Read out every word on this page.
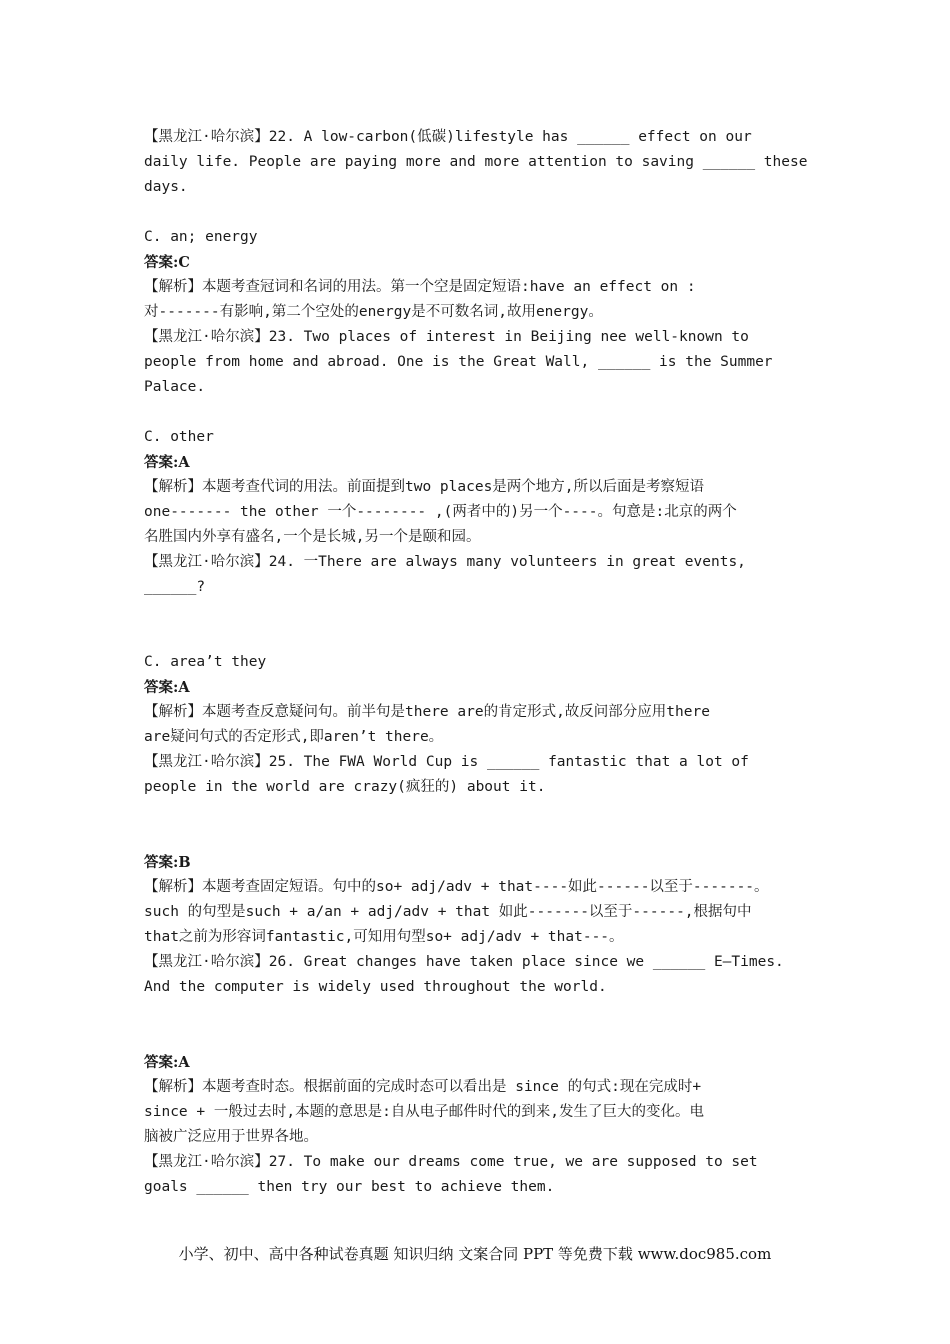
【黑龙江·哈尔滨】22. A low-carbon(低碳)lifestyle has ______ effect on our
daily life. People are paying more and more attention to saving ______ these
days.

C. an; energy
答案:C
【解析】本题考查冠词和名词的用法。第一个空是固定短语:have an effect on :
对-------有影响,第二个空处的energy是不可数名词,故用energy。
【黑龙江·哈尔滨】23. Two places of interest in Beijing nee well-known to
people from home and abroad. One is the Great Wall, ______ is the Summer
Palace.

C. other
答案:A
【解析】本题考查代词的用法。前面提到two places是两个地方,所以后面是考察短语
one------- the other 一个-------- ,(两者中的)另一个----。句意是:北京的两个
名胜国内外享有盛名,一个是长城,另一个是颐和园。
【黑龙江·哈尔滨】24. 一There are always many volunteers in great events,
______?

C. area’t they
答案:A
【解析】本题考查反意疑问句。前半句是there are的肯定形式,故反问部分应用there
are疑问句式的否定形式,即aren’t there。
【黑龙江·哈尔滨】25. The FWA World Cup is ______ fantastic that a lot of
people in the world are crazy(疯狂的) about it.

答案:B
【解析】本题考查固定短语。句中的so+ adj/adv + that----如此------以至于-------。
such 的句型是such + a/an + adj/adv + that 如此-------以至于------,根据句中
that之前为形容词fantastic,可知用句型so+ adj/adv + that---。
【黑龙江·哈尔滨】26. Great changes have taken place since we ______ E—Times.
And the computer is widely used throughout the world.

答案:A
【解析】本题考查时态。根据前面的完成时态可以看出是 since 的句式:现在完成时+
since + 一般过去时,本题的意思是:自从电子邮件时代的到来,发生了巨大的变化。电
脑被广泛应用于世界各地。
【黑龙江·哈尔滨】27. To make our dreams come true, we are supposed to set
goals ______ then try our best to achieve them.
小学、初中、高中各种试卷真题 知识归纳 文案合同 PPT 等免费下载 www.doc985.com
